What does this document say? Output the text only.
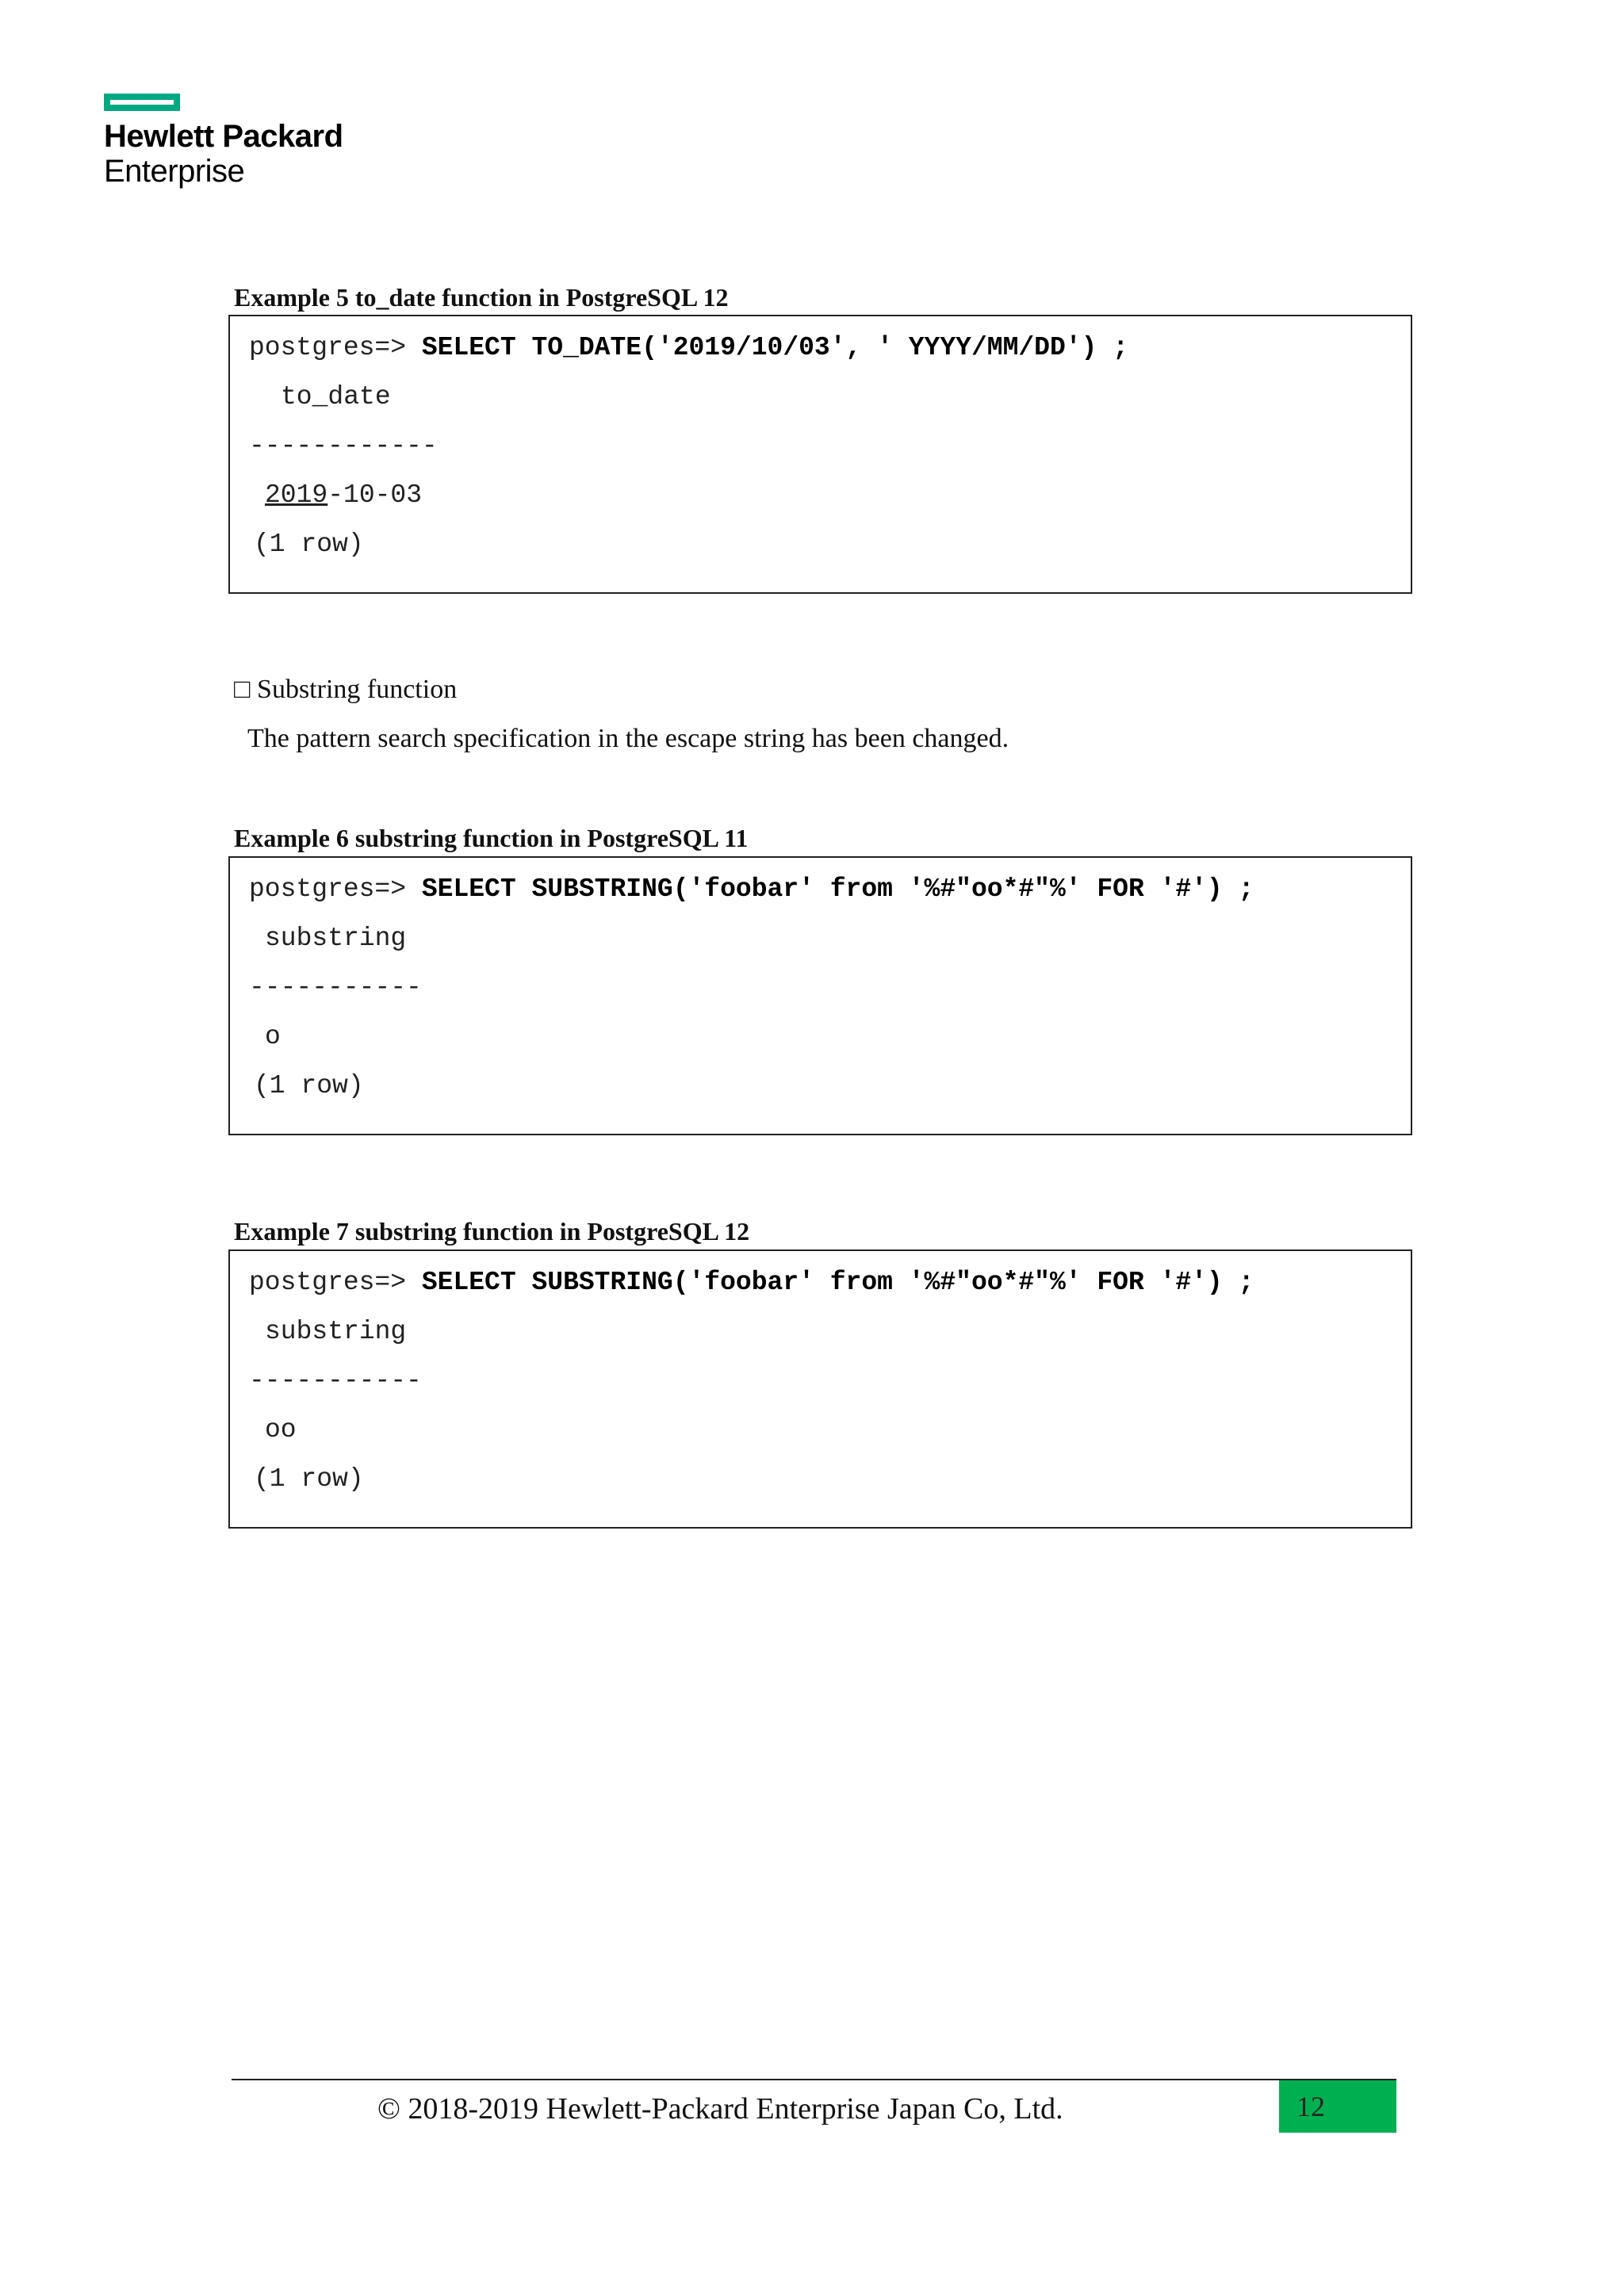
Hewlett Packard
Enterprise
Example 5 to_date function in PostgreSQL 12
postgres=> SELECT TO_DATE('2019/10/03', ' YYYY/MM/DD') ;
to_date
------------
2019-10-03
(1 row)
□ Substring function
The pattern search specification in the escape string has been changed.
Example 6 substring function in PostgreSQL 11
postgres=> SELECT SUBSTRING('foobar' from '%#"oo*#"%' FOR '#') ;
substring
-----------
o
(1 row)
Example 7 substring function in PostgreSQL 12
postgres=> SELECT SUBSTRING('foobar' from '%#"oo*#"%' FOR '#') ;
substring
-----------
oo
(1 row)
© 2018-2019 Hewlett-Packard Enterprise Japan Co, Ltd.	12
